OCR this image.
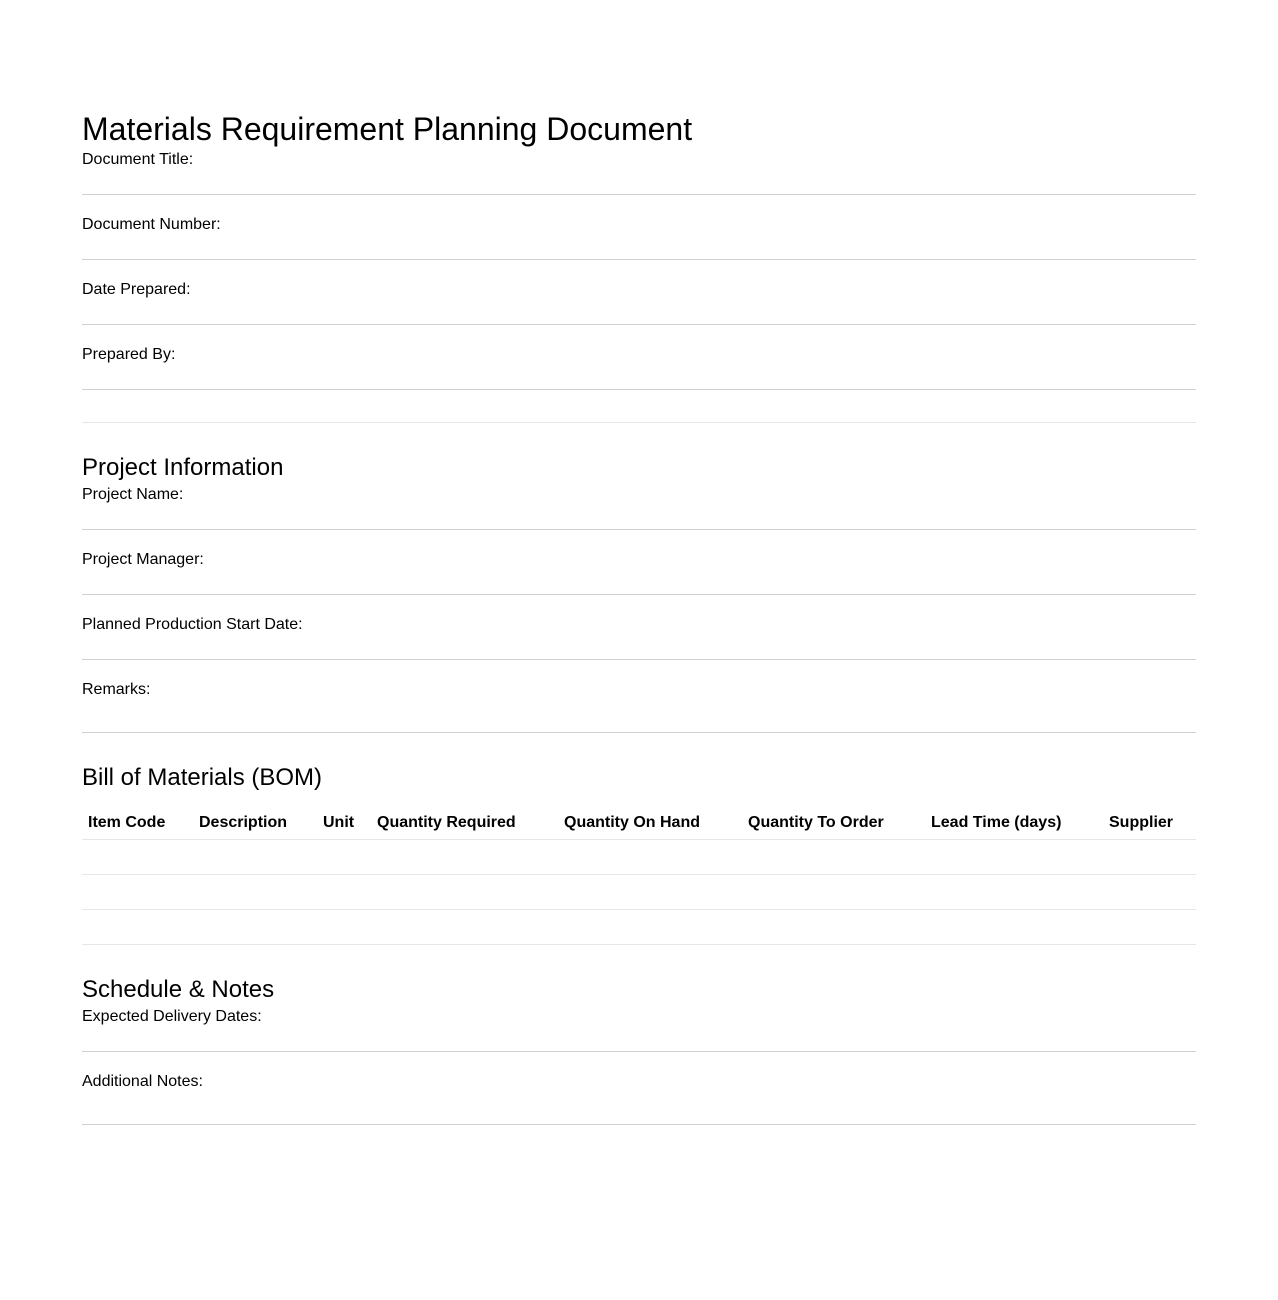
Materials Requirement Planning Document
Document Title:
Document Number:
Date Prepared:
Prepared By:
Project Information
Project Name:
Project Manager:
Planned Production Start Date:
Remarks:
Bill of Materials (BOM)
Item Code	Description	Unit	Quantity Required	Quantity On Hand	Quantity To Order	Lead Time (days)	Supplier

Schedule & Notes
Expected Delivery Dates:
Additional Notes:
